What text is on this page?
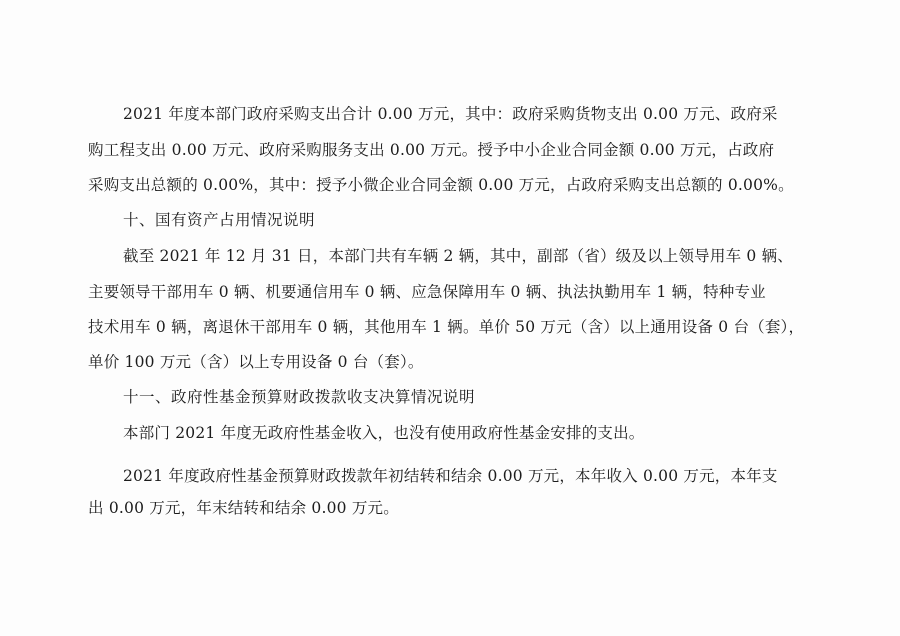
2021 年度本部门政府采购支出合计 0.00 万元，其中：政府采购货物支出 0.00 万元、政府采

购工程支出 0.00 万元、政府采购服务支出 0.00 万元。授予中小企业合同金额 0.00 万元，占政府

采购支出总额的 0.00%，其中：授予小微企业合同金额 0.00 万元，占政府采购支出总额的 0.00%。

十、国有资产占用情况说明

截至 2021 年 12 月 31 日，本部门共有车辆 2 辆，其中，副部（省）级及以上领导用车 0 辆、

主要领导干部用车 0 辆、机要通信用车 0 辆、应急保障用车 0 辆、执法执勤用车 1 辆，特种专业

技术用车 0 辆，离退休干部用车 0 辆，其他用车 1 辆。单价 50 万元（含）以上通用设备 0 台（套），

单价 100 万元（含）以上专用设备 0 台（套）。

十一、政府性基金预算财政拨款收支决算情况说明

本部门 2021 年度无政府性基金收入，也没有使用政府性基金安排的支出。

2021 年度政府性基金预算财政拨款年初结转和结余 0.00 万元，本年收入 0.00 万元，本年支

出 0.00 万元，年末结转和结余 0.00 万元。
